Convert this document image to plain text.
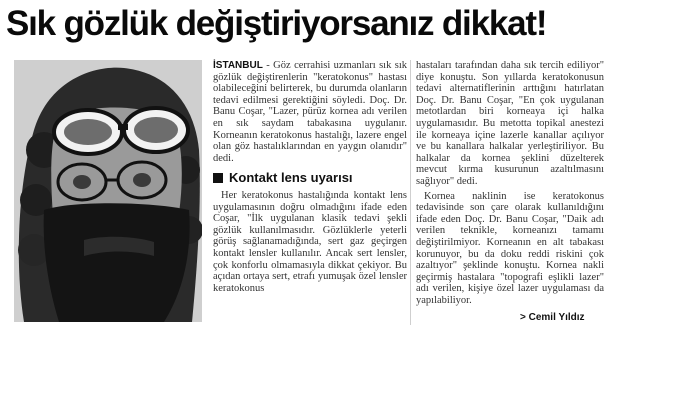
Sık gözlük değiştiriyorsanız dikkat!

İSTANBUL - Göz cerrahisi uzmanları sık sık gözlük değiştirenlerin "keratokonus" hastası olabileceğini belirterek, bu durumda olanların tedavi edilmesi gerektiğini söyledi. Doç. Dr. Banu Coşar, "Lazer, pürüz kornea adı verilen en sık saydam tabakasına uygulanır. Korneanın keratokonus hastalığı, lazere engel olan göz hastalıklarından en yaygın olanıdır" dedi.

Kontakt lens uyarısı

Her keratokonus hastalığında kontakt lens uygulamasının doğru olmadığını ifade eden Coşar, "İlk uygulanan klasik tedavi şekli gözlük kullanılmasıdır. Gözlüklerle yeterli görüş sağlanamadığında, sert gaz geçirgen kontakt lensler kullanılır. Ancak sert lensler, çok konforlu olmamasıyla dikkat çekiyor. Bu açıdan ortaya sert, etrafı yumuşak özel lensler keratokonus

hastaları tarafından daha sık tercih ediliyor" diye konuştu. Son yıllarda keratokonusun tedavi alternatiflerinin arttığını hatırlatan Doç. Dr. Banu Coşar, "En çok uygulanan metotlardan biri korneaya içi halka uygulamasıdır. Bu metotta topikal anestezi ile korneaya içine lazerle kanallar açılıyor ve bu kanallara halkalar yerleştiriliyor. Bu halkalar da kornea şeklini düzelterek mevcut kırma kusurunun azaltılmasını sağlıyor" dedi.

Kornea naklinin ise keratokonus tedavisinde son çare olarak kullanıldığını ifade eden Doç. Dr. Banu Coşar, "Daik adı verilen teknikle, korneanızı tamamı değiştirilmiyor. Korneanın en alt tabakası korunuyor, bu da doku reddi riskini çok azaltıyor" şeklinde konuştu. Kornea nakli geçirmiş hastalara "topografi eşlikli lazer" adı verilen, kişiye özel lazer uygulaması da yapılabiliyor.

> Cemil Yıldız
